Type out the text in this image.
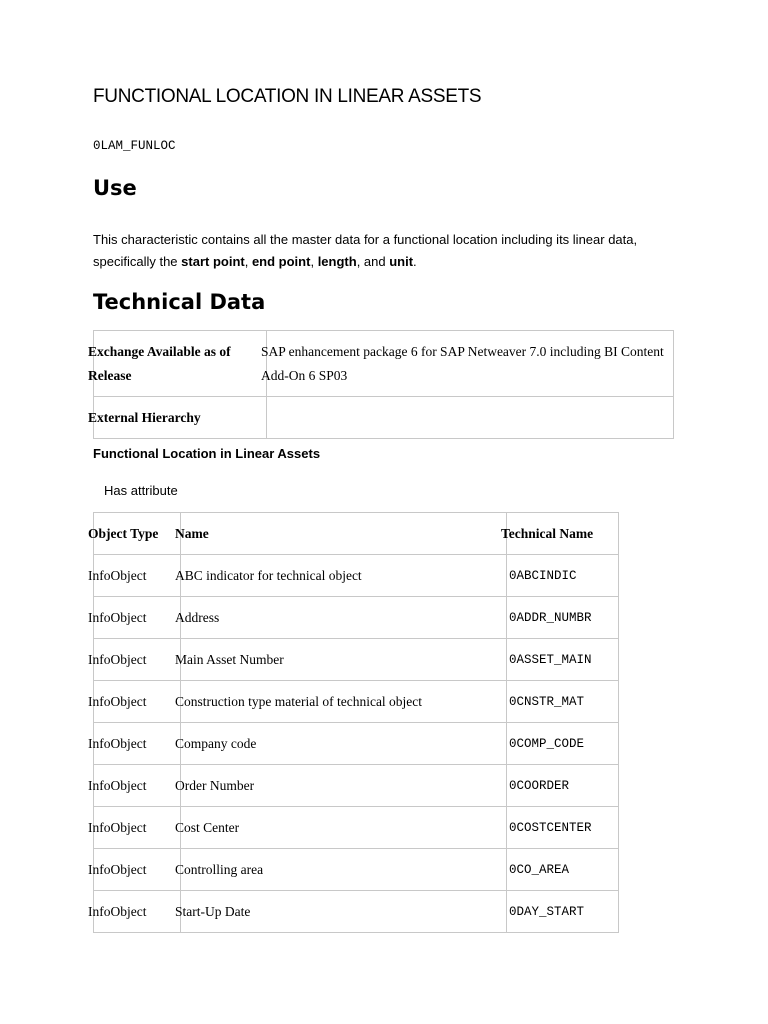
FUNCTIONAL LOCATION IN LINEAR ASSETS
0LAM_FUNLOC
Use
This characteristic contains all the master data for a functional location including its linear data, specifically the start point, end point, length, and unit.
Technical Data
Exchange Available as of Release	SAP enhancement package 6 for SAP Netweaver 7.0 including BI Content Add-On 6 SP03

External Hierarchy	

Functional Location in Linear Assets
Has attribute
Object Type	Name	Technical Name

InfoObject	ABC indicator for technical object	0ABCINDIC

InfoObject	Address	0ADDR_NUMBR

InfoObject	Main Asset Number	0ASSET_MAIN

InfoObject	Construction type material of technical object	0CNSTR_MAT

InfoObject	Company code	0COMP_CODE

InfoObject	Order Number	0COORDER

InfoObject	Cost Center	0COSTCENTER

InfoObject	Controlling area	0CO_AREA

InfoObject	Start-Up Date	0DAY_START
